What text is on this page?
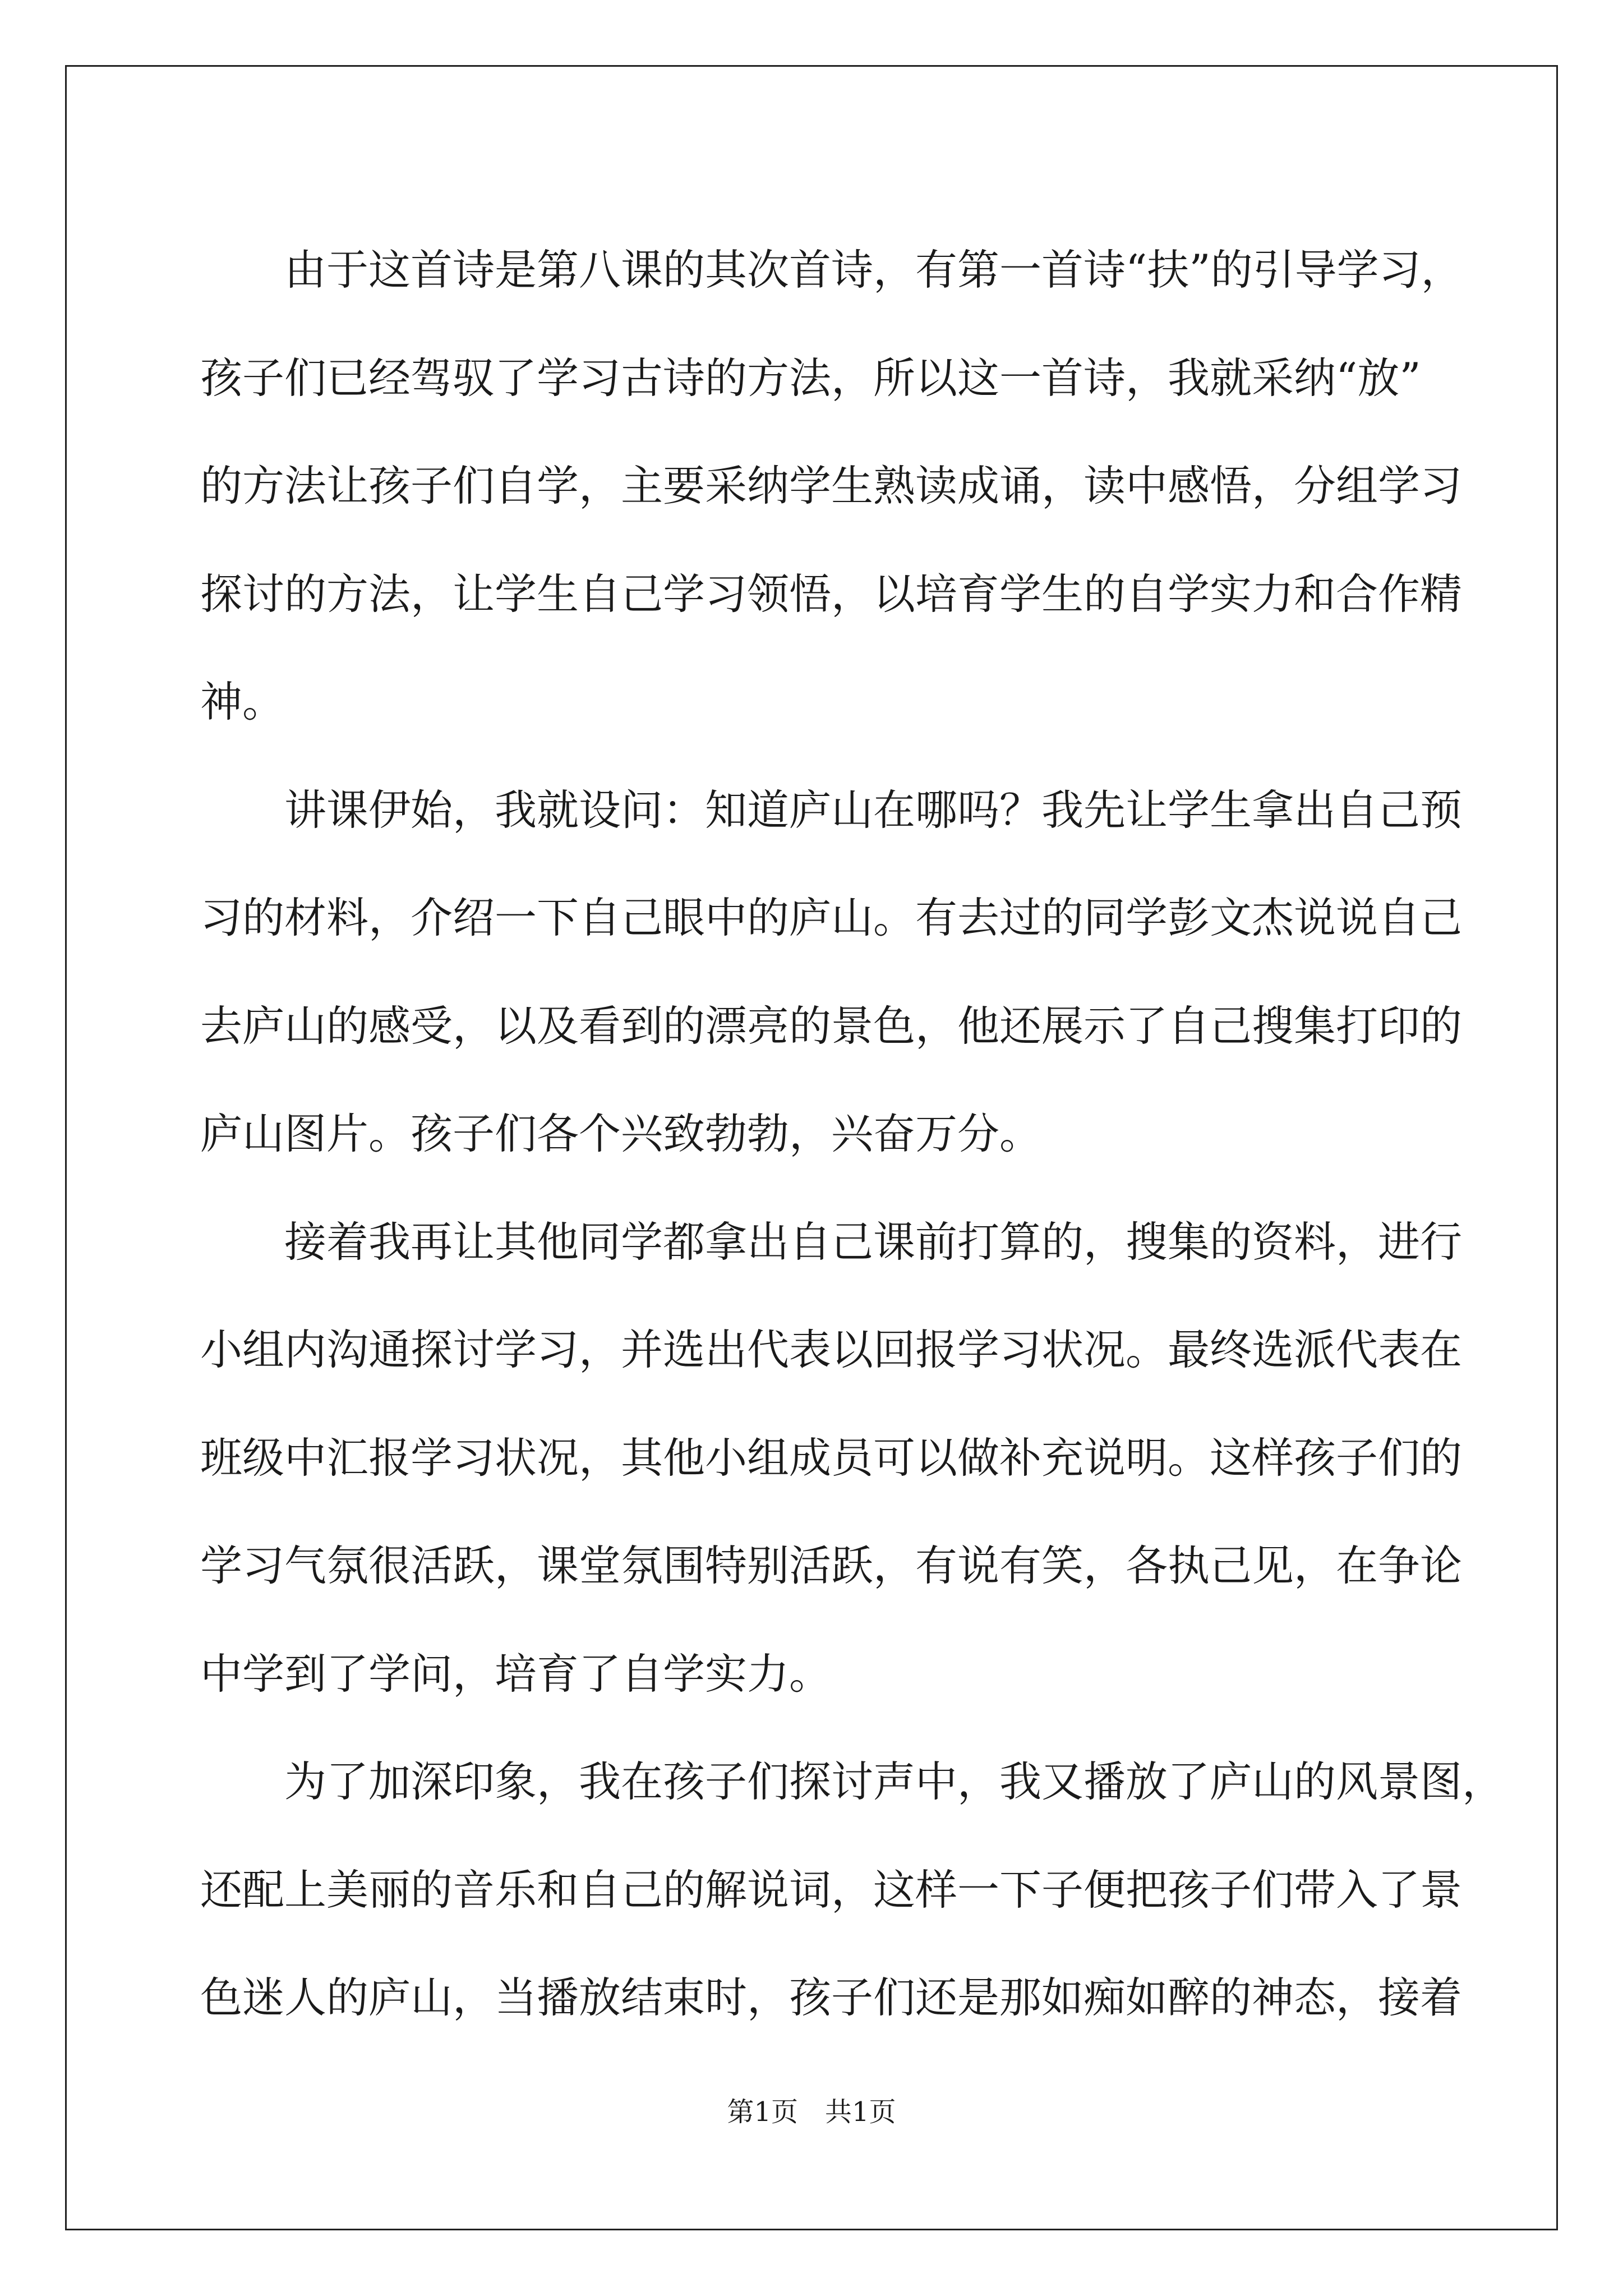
由于这首诗是第八课的其次首诗，有第一首诗“扶”的引导学习，
孩子们已经驾驭了学习古诗的方法，所以这一首诗，我就采纳“放”
的方法让孩子们自学，主要采纳学生熟读成诵，读中感悟，分组学习
探讨的方法，让学生自己学习领悟，以培育学生的自学实力和合作精
神。

讲课伊始，我就设问：知道庐山在哪吗？我先让学生拿出自己预
习的材料，介绍一下自己眼中的庐山。有去过的同学彭文杰说说自己
去庐山的感受，以及看到的漂亮的景色，他还展示了自己搜集打印的
庐山图片。孩子们各个兴致勃勃，兴奋万分。

接着我再让其他同学都拿出自己课前打算的，搜集的资料，进行
小组内沟通探讨学习，并选出代表以回报学习状况。最终选派代表在
班级中汇报学习状况，其他小组成员可以做补充说明。这样孩子们的
学习气氛很活跃，课堂氛围特别活跃，有说有笑，各执己见，在争论
中学到了学问，培育了自学实力。

为了加深印象，我在孩子们探讨声中，我又播放了庐山的风景图，
还配上美丽的音乐和自己的解说词，这样一下子便把孩子们带入了景
色迷人的庐山，当播放结束时，孩子们还是那如痴如醉的神态，接着

第1页　共1页
